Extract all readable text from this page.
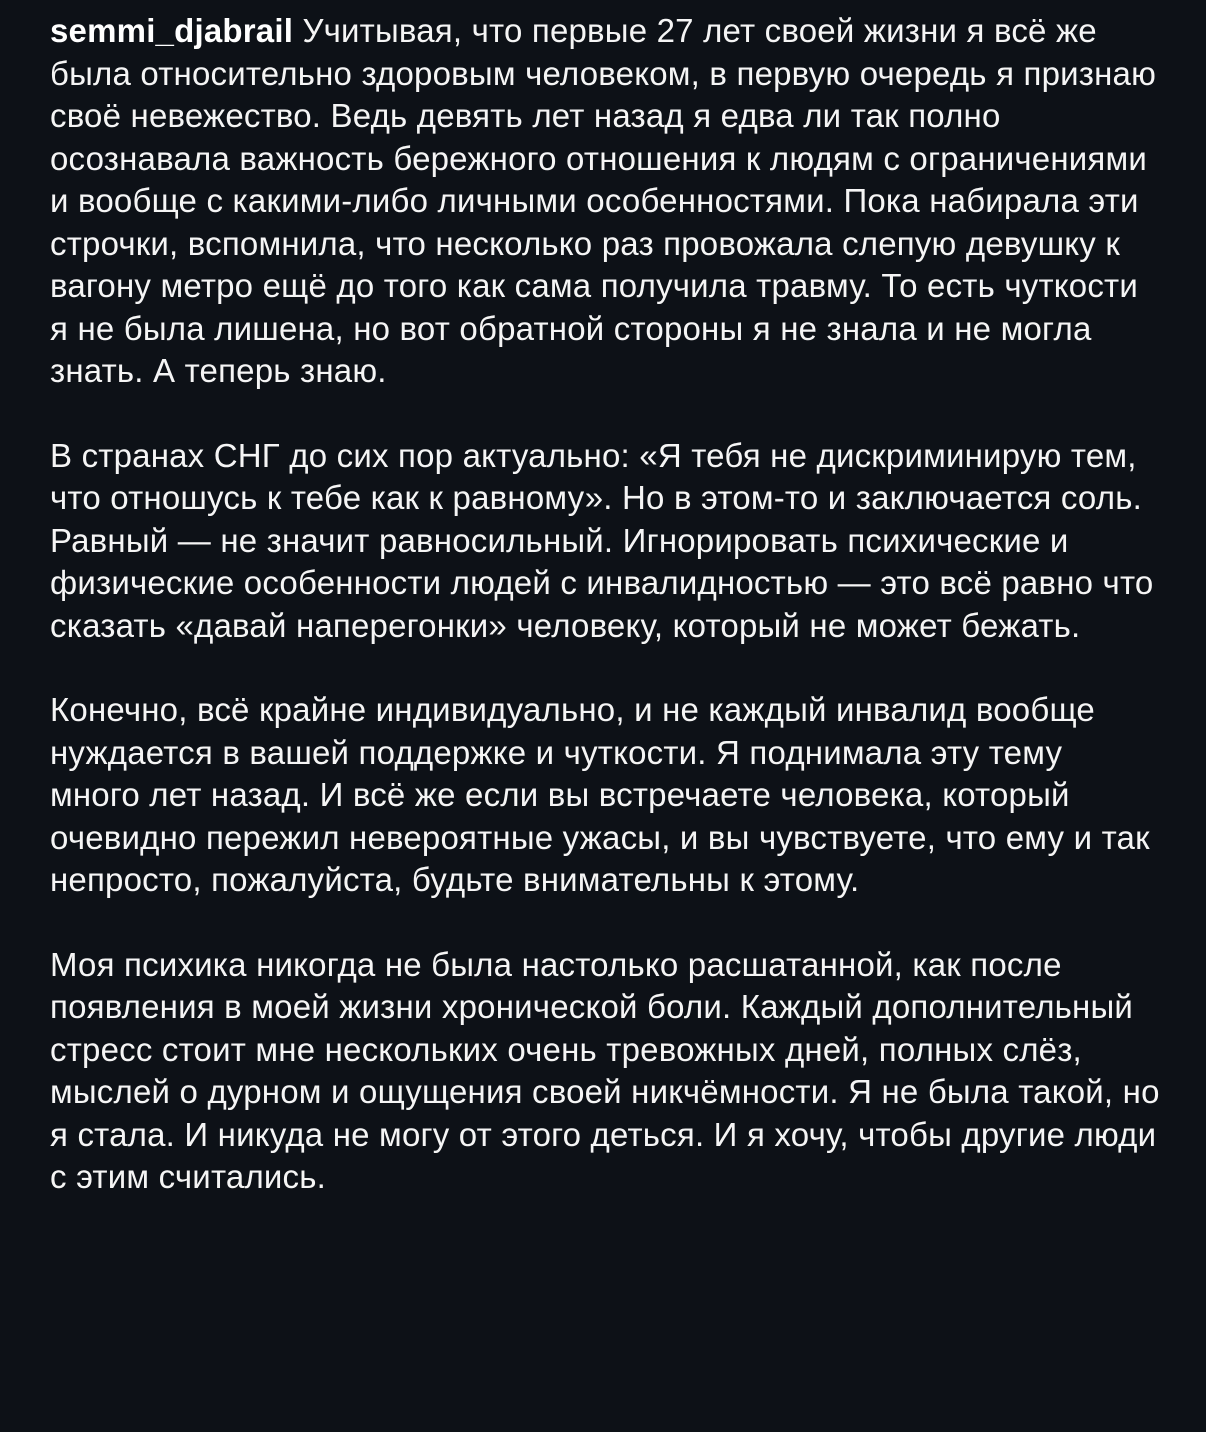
semmi_djabrail Учитывая, что первые 27 лет своей жизни я всё же была относительно здоровым человеком, в первую очередь я признаю своё невежество. Ведь девять лет назад я едва ли так полно осознавала важность бережного отношения к людям с ограничениями и вообще с какими-либо личными особенностями. Пока набирала эти строчки, вспомнила, что несколько раз провожала слепую девушку к вагону метро ещё до того как сама получила травму. То есть чуткости я не была лишена, но вот обратной стороны я не знала и не могла знать. А теперь знаю.

В странах СНГ до сих пор актуально: «Я тебя не дискриминирую тем, что отношусь к тебе как к равному». Но в этом-то и заключается соль. Равный — не значит равносильный. Игнорировать психические и физические особенности людей с инвалидностью — это всё равно что сказать «давай наперегонки» человеку, который не может бежать.

Конечно, всё крайне индивидуально, и не каждый инвалид вообще нуждается в вашей поддержке и чуткости. Я поднимала эту тему много лет назад. И всё же если вы встречаете человека, который очевидно пережил невероятные ужасы, и вы чувствуете, что ему и так непросто, пожалуйста, будьте внимательны к этому.

Моя психика никогда не была настолько расшатанной, как после появления в моей жизни хронической боли. Каждый дополнительный стресс стоит мне нескольких очень тревожных дней, полных слёз, мыслей о дурном и ощущения своей никчёмности. Я не была такой, но я стала. И никуда не могу от этого деться. И я хочу, чтобы другие люди с этим считались.
